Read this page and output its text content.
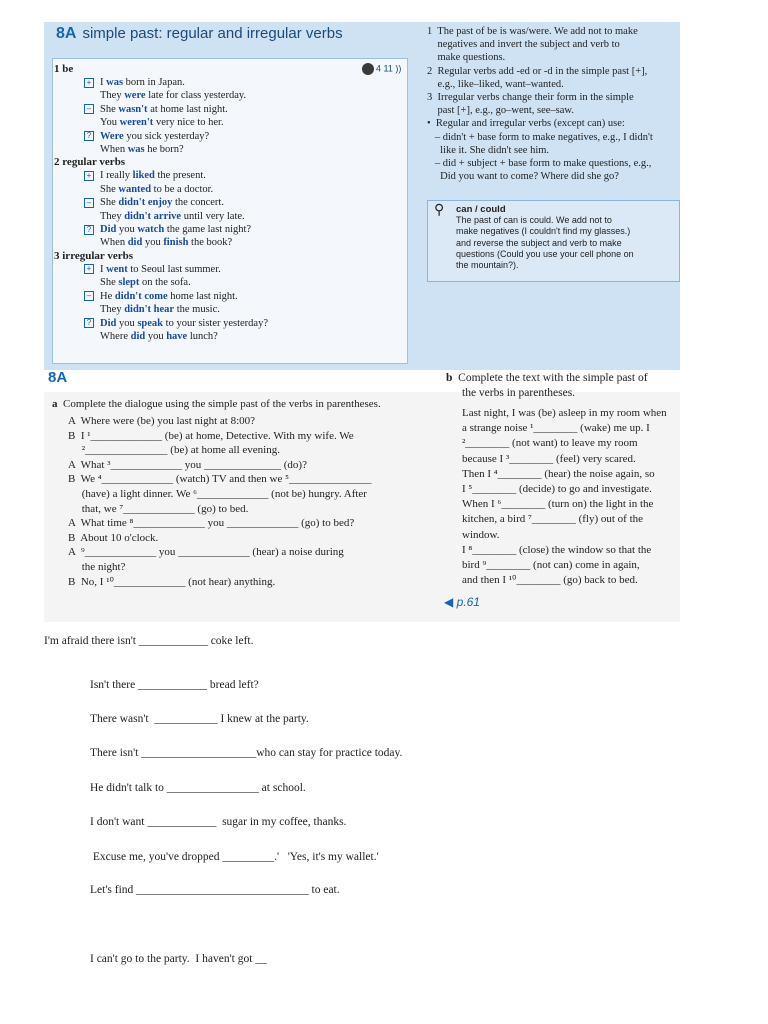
8A simple past: regular and irregular verbs
4 11 ))
1 be
+ I was born in Japan.
They were late for class yesterday.
– She wasn't at home last night.
You weren't very nice to her.
? Were you sick yesterday?
When was he born?
2 regular verbs
+ I really liked the present.
She wanted to be a doctor.
– She didn't enjoy the concert.
They didn't arrive until very late.
? Did you watch the game last night?
When did you finish the book?
3 irregular verbs
+ I went to Seoul last summer.
She slept on the sofa.
– He didn't come home last night.
They didn't hear the music.
? Did you speak to your sister yesterday?
Where did you have lunch?
1  The past of be is was/were. We add not to make
negatives and invert the subject and verb to
make questions.
2  Regular verbs add -ed or -d in the simple past [+],
e.g., like–liked, want–wanted.
3  Irregular verbs change their form in the simple
past [+], e.g., go–went, see–saw.
•  Regular and irregular verbs (except can) use:
– didn't + base form to make negatives, e.g., I didn't
like it. She didn't see him.
– did + subject + base form to make questions, e.g.,
Did you want to come? Where did she go?
⚲ can / could
The past of can is could. We add not to
make negatives (I couldn't find my glasses.)
and reverse the subject and verb to make
questions (Could you use your cell phone on
the mountain?).
8A
a Complete the dialogue using the simple past of the verbs in parentheses.
A  Where were (be) you last night at 8:00?
B  I ¹_____________ (be) at home, Detective. With my wife. We
²_______________ (be) at home all evening.
A  What ³_____________ you ______________ (do)?
B  We ⁴_____________ (watch) TV and then we ⁵_______________
(have) a light dinner. We ⁶_____________ (not be) hungry. After
that, we ⁷_____________ (go) to bed.
A  What time ⁸_____________ you _____________ (go) to bed?
B  About 10 o'clock.
A  ⁹_____________ you _____________ (hear) a noise during
the night?
B  No, I ¹⁰_____________ (not hear) anything.
b Complete the text with the simple past of
the verbs in parentheses.
Last night, I was (be) asleep in my room when
a strange noise ¹________ (wake) me up. I
²________ (not want) to leave my room
because I ³________ (feel) very scared.
Then I ⁴________ (hear) the noise again, so
I ⁵________ (decide) to go and investigate.
When I ⁶________ (turn on) the light in the
kitchen, a bird ⁷________ (fly) out of the
window.
I ⁸________ (close) the window so that the
bird ⁹________ (not can) come in again,
and then I ¹⁰________ (go) back to bed.
◀ p.61
I'm afraid there isn't ____________ coke left.
Isn't there ____________ bread left?
There wasn't  ___________ I knew at the party.
There isn't ____________________who can stay for practice today.
He didn't talk to ________________ at school.
I don't want ____________  sugar in my coffee, thanks.
Excuse me, you've dropped _________.'   'Yes, it's my wallet.'
Let's find ______________________________ to eat.
I can't go to the party.  I haven't got __
